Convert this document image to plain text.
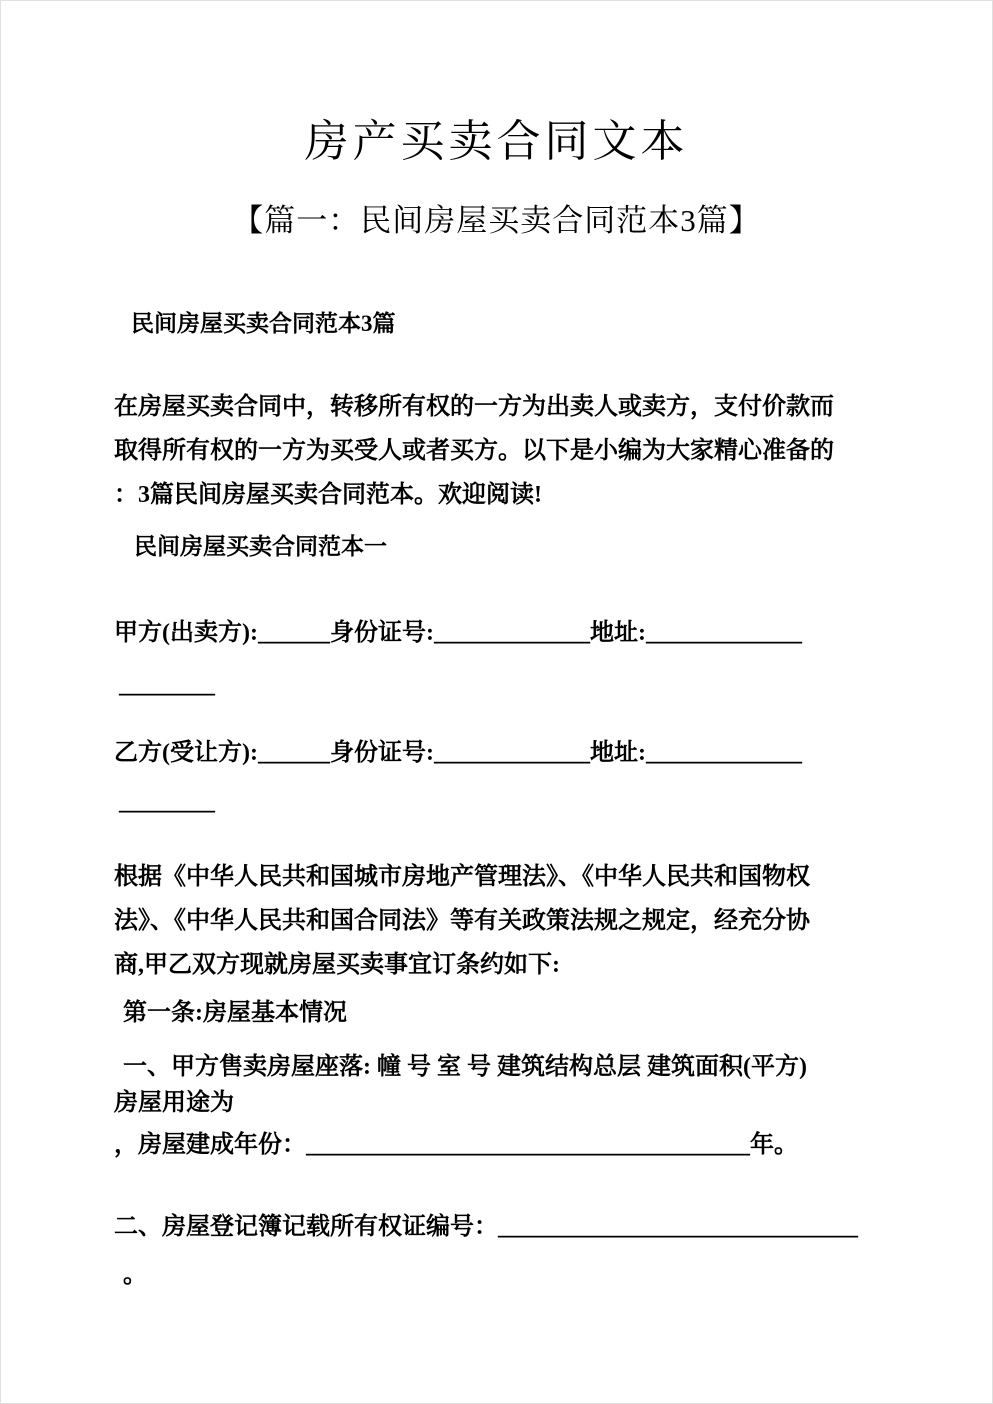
房产买卖合同文本
【篇一：民间房屋买卖合同范本3篇】
民间房屋买卖合同范本3篇
在房屋买卖合同中，转移所有权的一方为出卖人或卖方，支付价款而
取得所有权的一方为买受人或者买方。以下是小编为大家精心准备的
：3篇民间房屋买卖合同范本。欢迎阅读!
民间房屋买卖合同范本一
甲方(出卖方):______身份证号:_____________地址:_____________
________
乙方(受让方):______身份证号:_____________地址:_____________
________
根据《中华人民共和国城市房地产管理法》、《中华人民共和国物权
法》、《中华人民共和国合同法》等有关政策法规之规定，经充分协
商,甲乙双方现就房屋买卖事宜订条约如下:
第一条:房屋基本情况
一、甲方售卖房屋座落: 幢 号 室 号 建筑结构总层 建筑面积(平方)
房屋用途为
，房屋建成年份：_____________________________________年。
二、房屋登记簿记载所有权证编号：______________________________
。
